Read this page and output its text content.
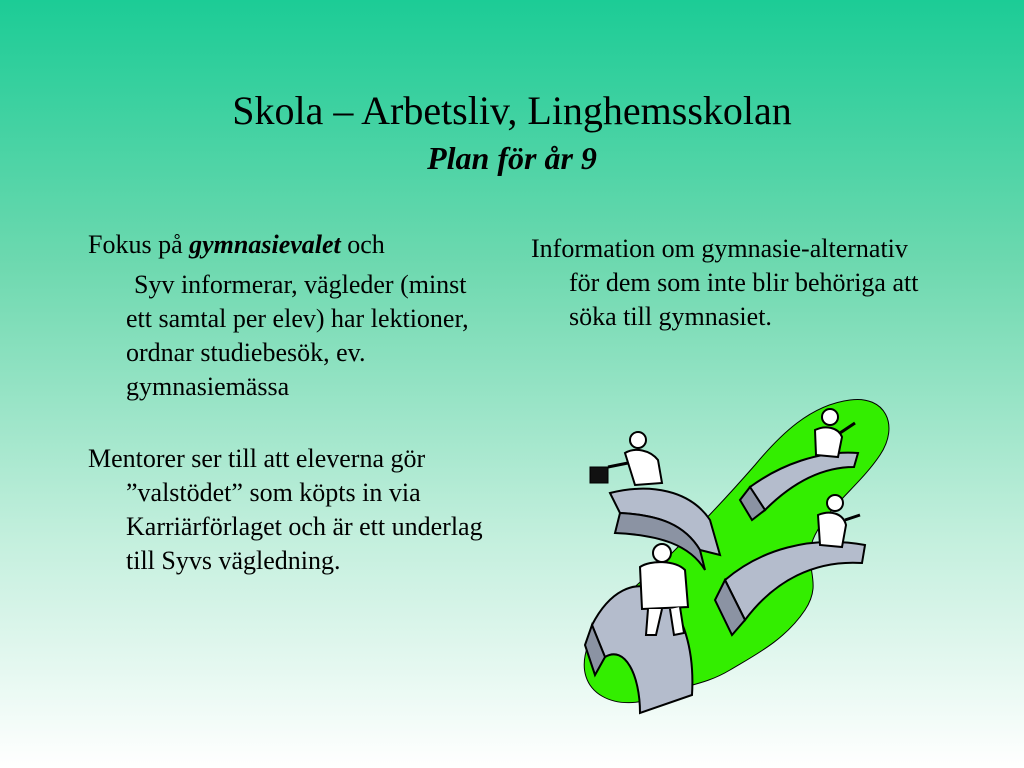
Skola – Arbetsliv, Linghemsskolan
Plan för år 9

Fokus på gymnasievalet och

Syv informerar, vägleder (minst ett samtal per elev) har lektioner, ordnar studiebesök, ev. gymnasiemässa

Mentorer ser till att eleverna gör ”valstödet” som köpts in via Karriärförlaget och är ett underlag till Syvs vägledning.

Information om gymnasie-alternativ för dem som inte blir behöriga att söka till gymnasiet.
